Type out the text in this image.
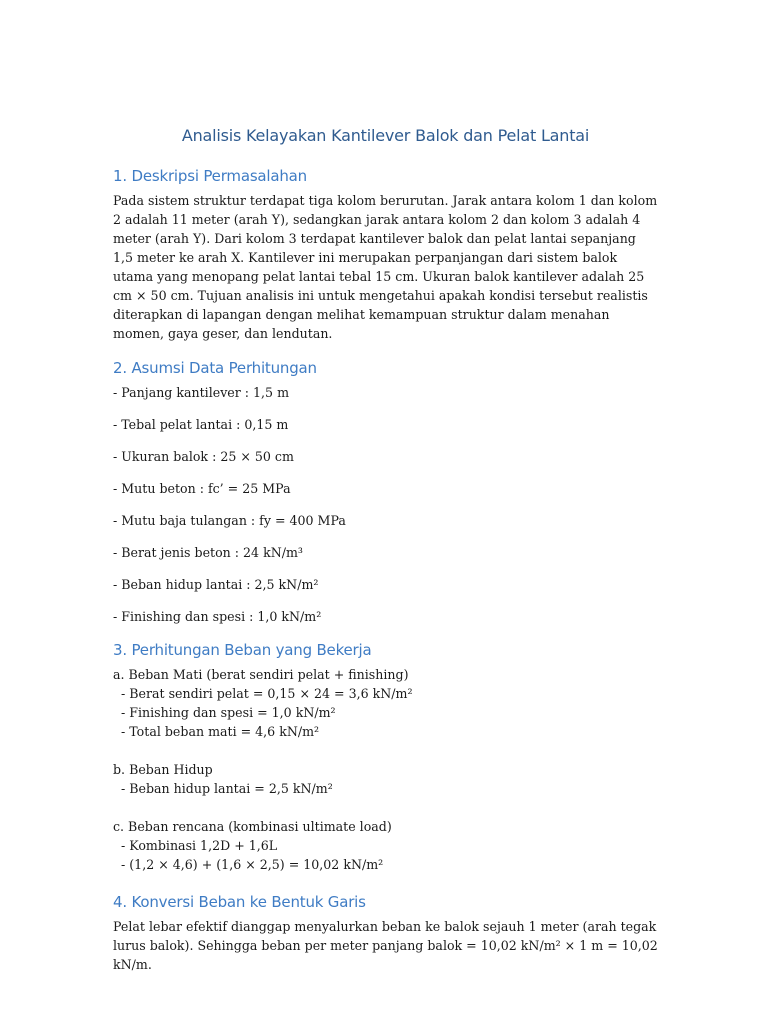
Analisis Kelayakan Kantilever Balok dan Pelat Lantai
1. Deskripsi Permasalahan

Pada sistem struktur terdapat tiga kolom berurutan. Jarak antara kolom 1 dan kolom 2 adalah 11 meter (arah Y), sedangkan jarak antara kolom 2 dan kolom 3 adalah 4 meter (arah Y). Dari kolom 3 terdapat kantilever balok dan pelat lantai sepanjang 1,5 meter ke arah X. Kantilever ini merupakan perpanjangan dari sistem balok utama yang menopang pelat lantai tebal 15 cm. Ukuran balok kantilever adalah 25 cm × 50 cm. Tujuan analisis ini untuk mengetahui apakah kondisi tersebut realistis diterapkan di lapangan dengan melihat kemampuan struktur dalam menahan momen, gaya geser, dan lendutan.

2. Asumsi Data Perhitungan
- Panjang kantilever : 1,5 m
- Tebal pelat lantai : 0,15 m
- Ukuran balok : 25 × 50 cm
- Mutu beton : fc’ = 25 MPa
- Mutu baja tulangan : fy = 400 MPa
- Berat jenis beton : 24 kN/m³
- Beban hidup lantai : 2,5 kN/m²
- Finishing dan spesi : 1,0 kN/m²
3. Perhitungan Beban yang Bekerja
a. Beban Mati (berat sendiri pelat + finishing)
- Berat sendiri pelat = 0,15 × 24 = 3,6 kN/m²
- Finishing dan spesi = 1,0 kN/m²
- Total beban mati = 4,6 kN/m²
b. Beban Hidup
- Beban hidup lantai = 2,5 kN/m²
c. Beban rencana (kombinasi ultimate load)
- Kombinasi 1,2D + 1,6L
- (1,2 × 4,6) + (1,6 × 2,5) = 10,02 kN/m²
4. Konversi Beban ke Bentuk Garis

Pelat lebar efektif dianggap menyalurkan beban ke balok sejauh 1 meter (arah tegak lurus balok). Sehingga beban per meter panjang balok = 10,02 kN/m² × 1 m = 10,02 kN/m.
